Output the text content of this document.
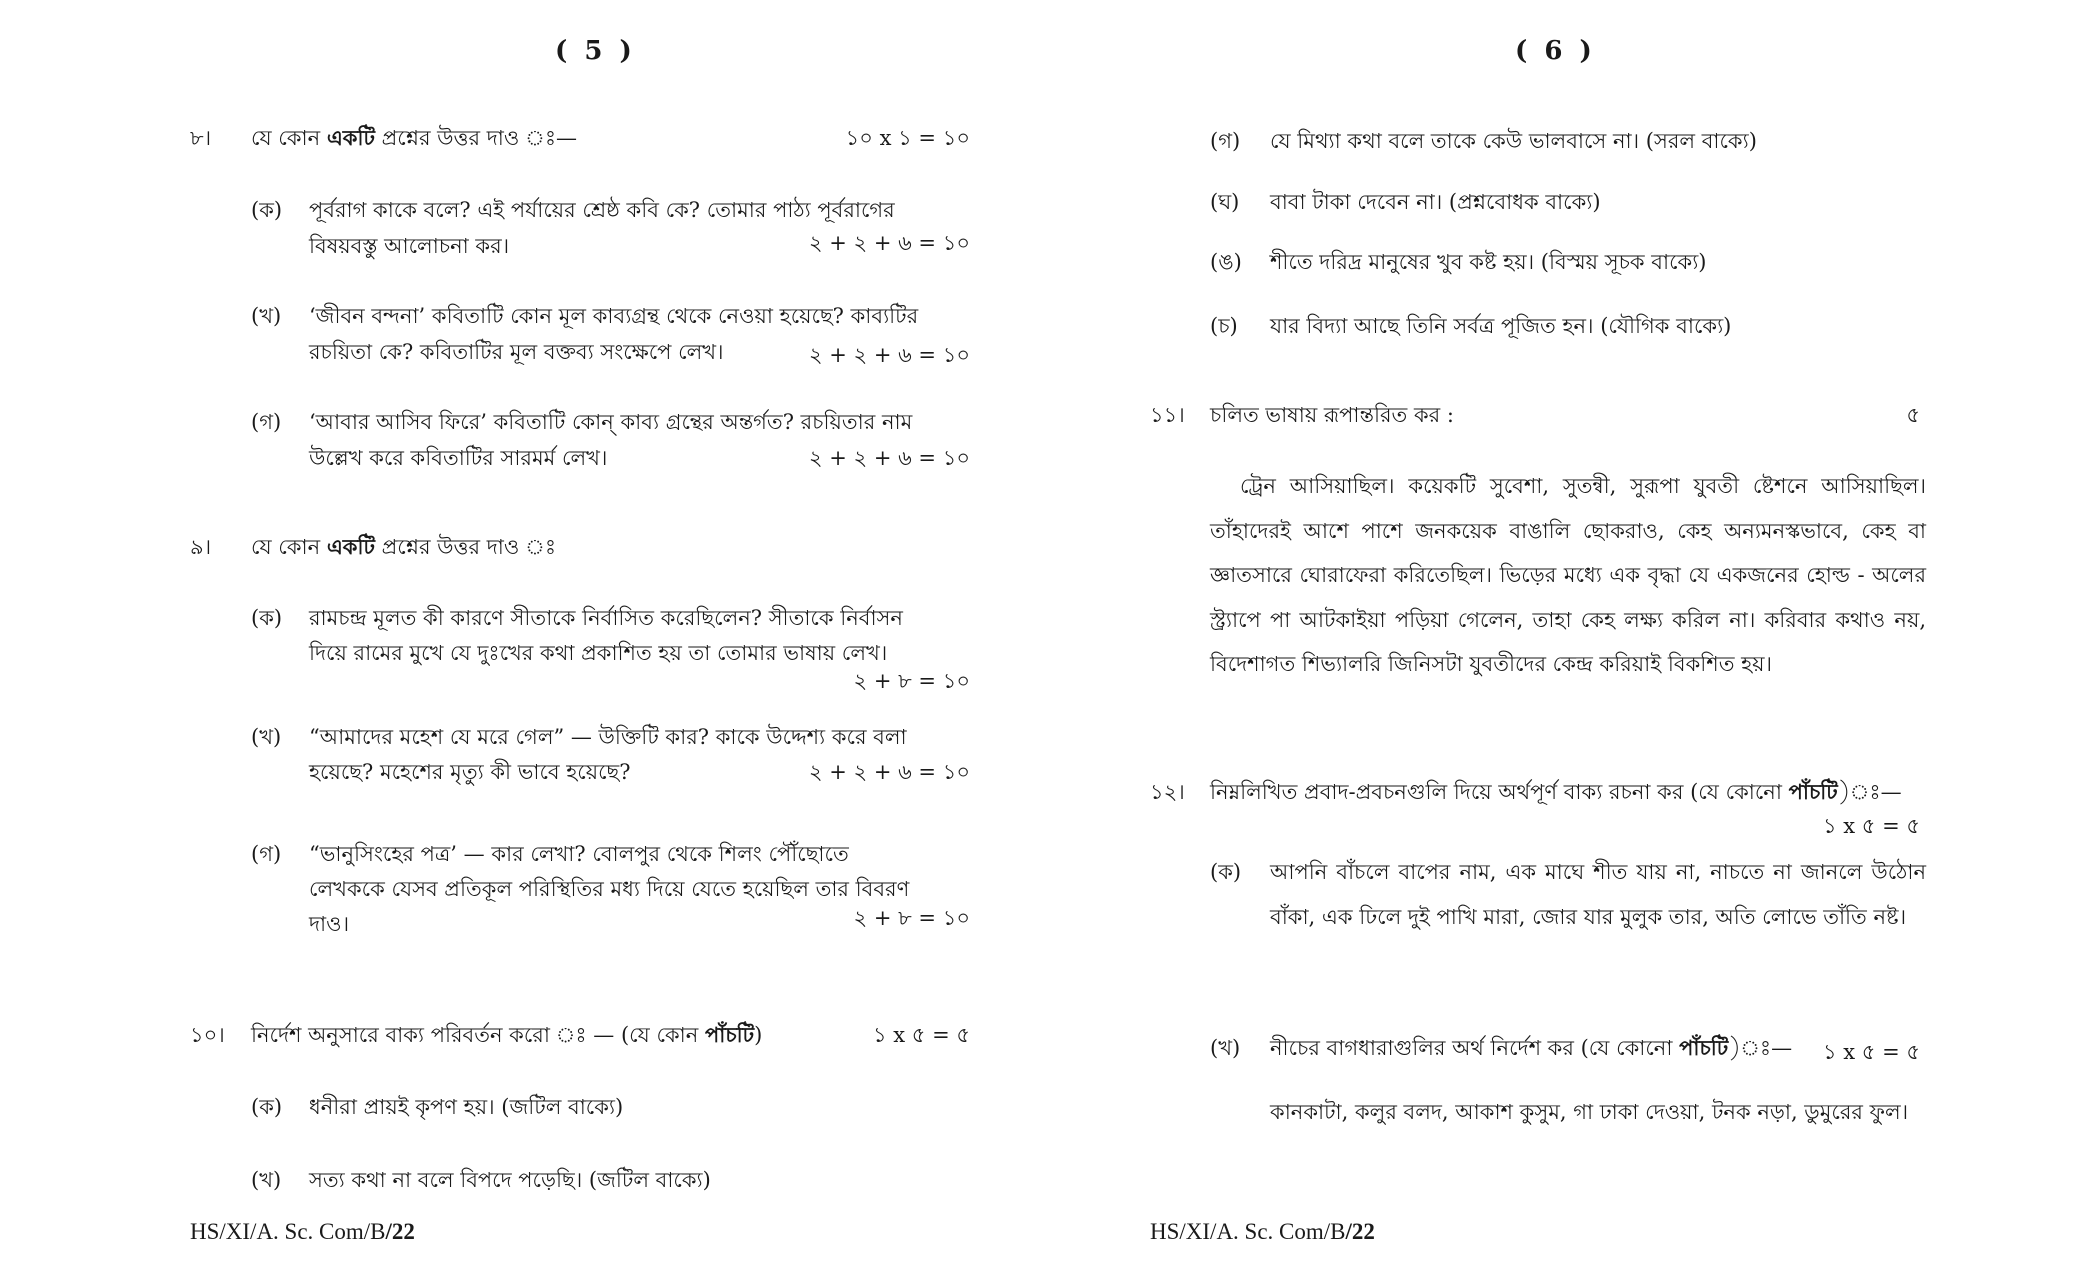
( 5 )
৮। যে কোন একটি প্রশ্নের উত্তর দাও ঃ—	১০ x ১ = ১০
(ক) পূর্বরাগ কাকে বলে? এই পর্যায়ের শ্রেষ্ঠ কবি কে? তোমার পাঠ্য পূর্বরাগের
বিষয়বস্তু আলোচনা কর।	২ + ২ + ৬ = ১০
(খ) ‘জীবন বন্দনা’ কবিতাটি কোন মূল কাব্যগ্রন্থ থেকে নেওয়া হয়েছে? কাব্যটির
রচয়িতা কে? কবিতাটির মূল বক্তব্য সংক্ষেপে লেখ।	২ + ২ + ৬ = ১০
(গ) ‘আবার আসিব ফিরে’ কবিতাটি কোন্ কাব্য গ্রন্থের অন্তর্গত? রচয়িতার নাম
উল্লেখ করে কবিতাটির সারমর্ম লেখ।	২ + ২ + ৬ = ১০
৯। যে কোন একটি প্রশ্নের উত্তর দাও ঃ
(ক) রামচন্দ্র মূলত কী কারণে সীতাকে নির্বাসিত করেছিলেন? সীতাকে নির্বাসন
দিয়ে রামের মুখে যে দুঃখের কথা প্রকাশিত হয় তা তোমার ভাষায় লেখ।
২ + ৮ = ১০
(খ) “আমাদের মহেশ যে মরে গেল” — উক্তিটি কার? কাকে উদ্দেশ্য করে বলা
হয়েছে? মহেশের মৃত্যু কী ভাবে হয়েছে?	২ + ২ + ৬ = ১০
(গ) “ভানুসিংহের পত্র’ — কার লেখা? বোলপুর থেকে শিলং পৌঁছোতে
লেখককে যেসব প্রতিকূল পরিস্থিতির মধ্য দিয়ে যেতে হয়েছিল তার বিবরণ
দাও।	২ + ৮ = ১০
১০। নির্দেশ অনুসারে বাক্য পরিবর্তন করো ঃ — (যে কোন পাঁচটি)	১ x ৫ = ৫
(ক) ধনীরা প্রায়ই কৃপণ হয়। (জটিল বাক্যে)
(খ) সত্য কথা না বলে বিপদে পড়েছি। (জটিল বাক্যে)
HS/XI/A. Sc. Com/B/22
( 6 )
(গ) যে মিথ্যা কথা বলে তাকে কেউ ভালবাসে না। (সরল বাক্যে)
(ঘ) বাবা টাকা দেবেন না। (প্রশ্নবোধক বাক্যে)
(ঙ) শীতে দরিদ্র মানুষের খুব কষ্ট হয়। (বিস্ময় সূচক বাক্যে)
(চ) যার বিদ্যা আছে তিনি সর্বত্র পূজিত হন। (যৌগিক বাক্যে)
১১। চলিত ভাষায় রূপান্তরিত কর :	৫
ট্রেন আসিয়াছিল। কয়েকটি সুবেশা, সুতন্বী, সুরূপা যুবতী ষ্টেশনে আসিয়াছিল। তাঁহাদেরই আশে পাশে জনকয়েক বাঙালি ছোকরাও, কেহ অন্যমনস্কভাবে, কেহ বা জ্ঞাতসারে ঘোরাফেরা করিতেছিল। ভিড়ের মধ্যে এক বৃদ্ধা যে একজনের হোল্ড - অলের স্ট্র্যাপে পা আটকাইয়া পড়িয়া গেলেন, তাহা কেহ লক্ষ্য করিল না। করিবার কথাও নয়, বিদেশাগত শিভ্যালরি জিনিসটা যুবতীদের কেন্দ্র করিয়াই বিকশিত হয়।
১২। নিম্নলিখিত প্রবাদ-প্রবচনগুলি দিয়ে অর্থপূর্ণ বাক্য রচনা কর (যে কোনো পাঁচটি)ঃ—
১ x ৫ = ৫
(ক) আপনি বাঁচলে বাপের নাম, এক মাঘে শীত যায় না, নাচতে না জানলে উঠোন বাঁকা, এক ঢিলে দুই পাখি মারা, জোর যার মুলুক তার, অতি লোভে তাঁতি নষ্ট।
(খ) নীচের বাগধারাগুলির অর্থ নির্দেশ কর (যে কোনো পাঁচটি)ঃ—	১ x ৫ = ৫
কানকাটা, কলুর বলদ, আকাশ কুসুম, গা ঢাকা দেওয়া, টনক নড়া, ডুমুরের ফুল।
HS/XI/A. Sc. Com/B/22
